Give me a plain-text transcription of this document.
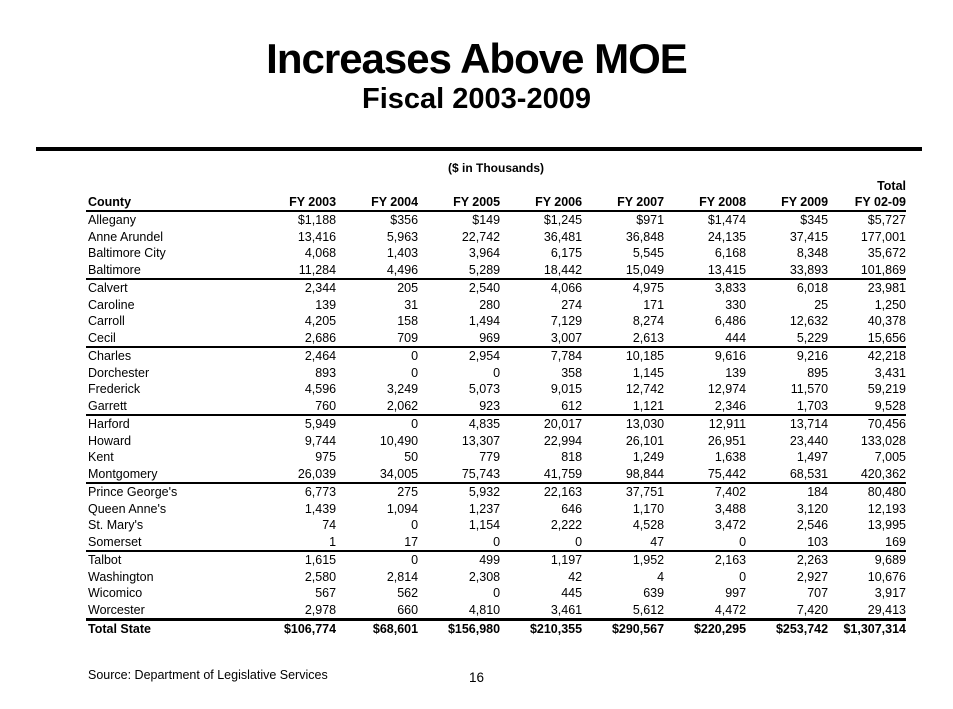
Increases Above MOE
Fiscal 2003-2009
($ in Thousands)
								Total
County	FY 2003	FY 2004	FY 2005	FY 2006	FY 2007	FY 2008	FY 2009	FY 02-09
Allegany	$1,188	$356	$149	$1,245	$971	$1,474	$345	$5,727
Anne Arundel	13,416	5,963	22,742	36,481	36,848	24,135	37,415	177,001
Baltimore City	4,068	1,403	3,964	6,175	5,545	6,168	8,348	35,672
Baltimore	11,284	4,496	5,289	18,442	15,049	13,415	33,893	101,869
Calvert	2,344	205	2,540	4,066	4,975	3,833	6,018	23,981
Caroline	139	31	280	274	171	330	25	1,250
Carroll	4,205	158	1,494	7,129	8,274	6,486	12,632	40,378
Cecil	2,686	709	969	3,007	2,613	444	5,229	15,656
Charles	2,464	0	2,954	7,784	10,185	9,616	9,216	42,218
Dorchester	893	0	0	358	1,145	139	895	3,431
Frederick	4,596	3,249	5,073	9,015	12,742	12,974	11,570	59,219
Garrett	760	2,062	923	612	1,121	2,346	1,703	9,528
Harford	5,949	0	4,835	20,017	13,030	12,911	13,714	70,456
Howard	9,744	10,490	13,307	22,994	26,101	26,951	23,440	133,028
Kent	975	50	779	818	1,249	1,638	1,497	7,005
Montgomery	26,039	34,005	75,743	41,759	98,844	75,442	68,531	420,362
Prince George's	6,773	275	5,932	22,163	37,751	7,402	184	80,480
Queen Anne's	1,439	1,094	1,237	646	1,170	3,488	3,120	12,193
St. Mary's	74	0	1,154	2,222	4,528	3,472	2,546	13,995
Somerset	1	17	0	0	47	0	103	169
Talbot	1,615	0	499	1,197	1,952	2,163	2,263	9,689
Washington	2,580	2,814	2,308	42	4	0	2,927	10,676
Wicomico	567	562	0	445	639	997	707	3,917
Worcester	2,978	660	4,810	3,461	5,612	4,472	7,420	29,413
Total State	$106,774	$68,601	$156,980	$210,355	$290,567	$220,295	$253,742	$1,307,314
Source: Department of Legislative Services	16
